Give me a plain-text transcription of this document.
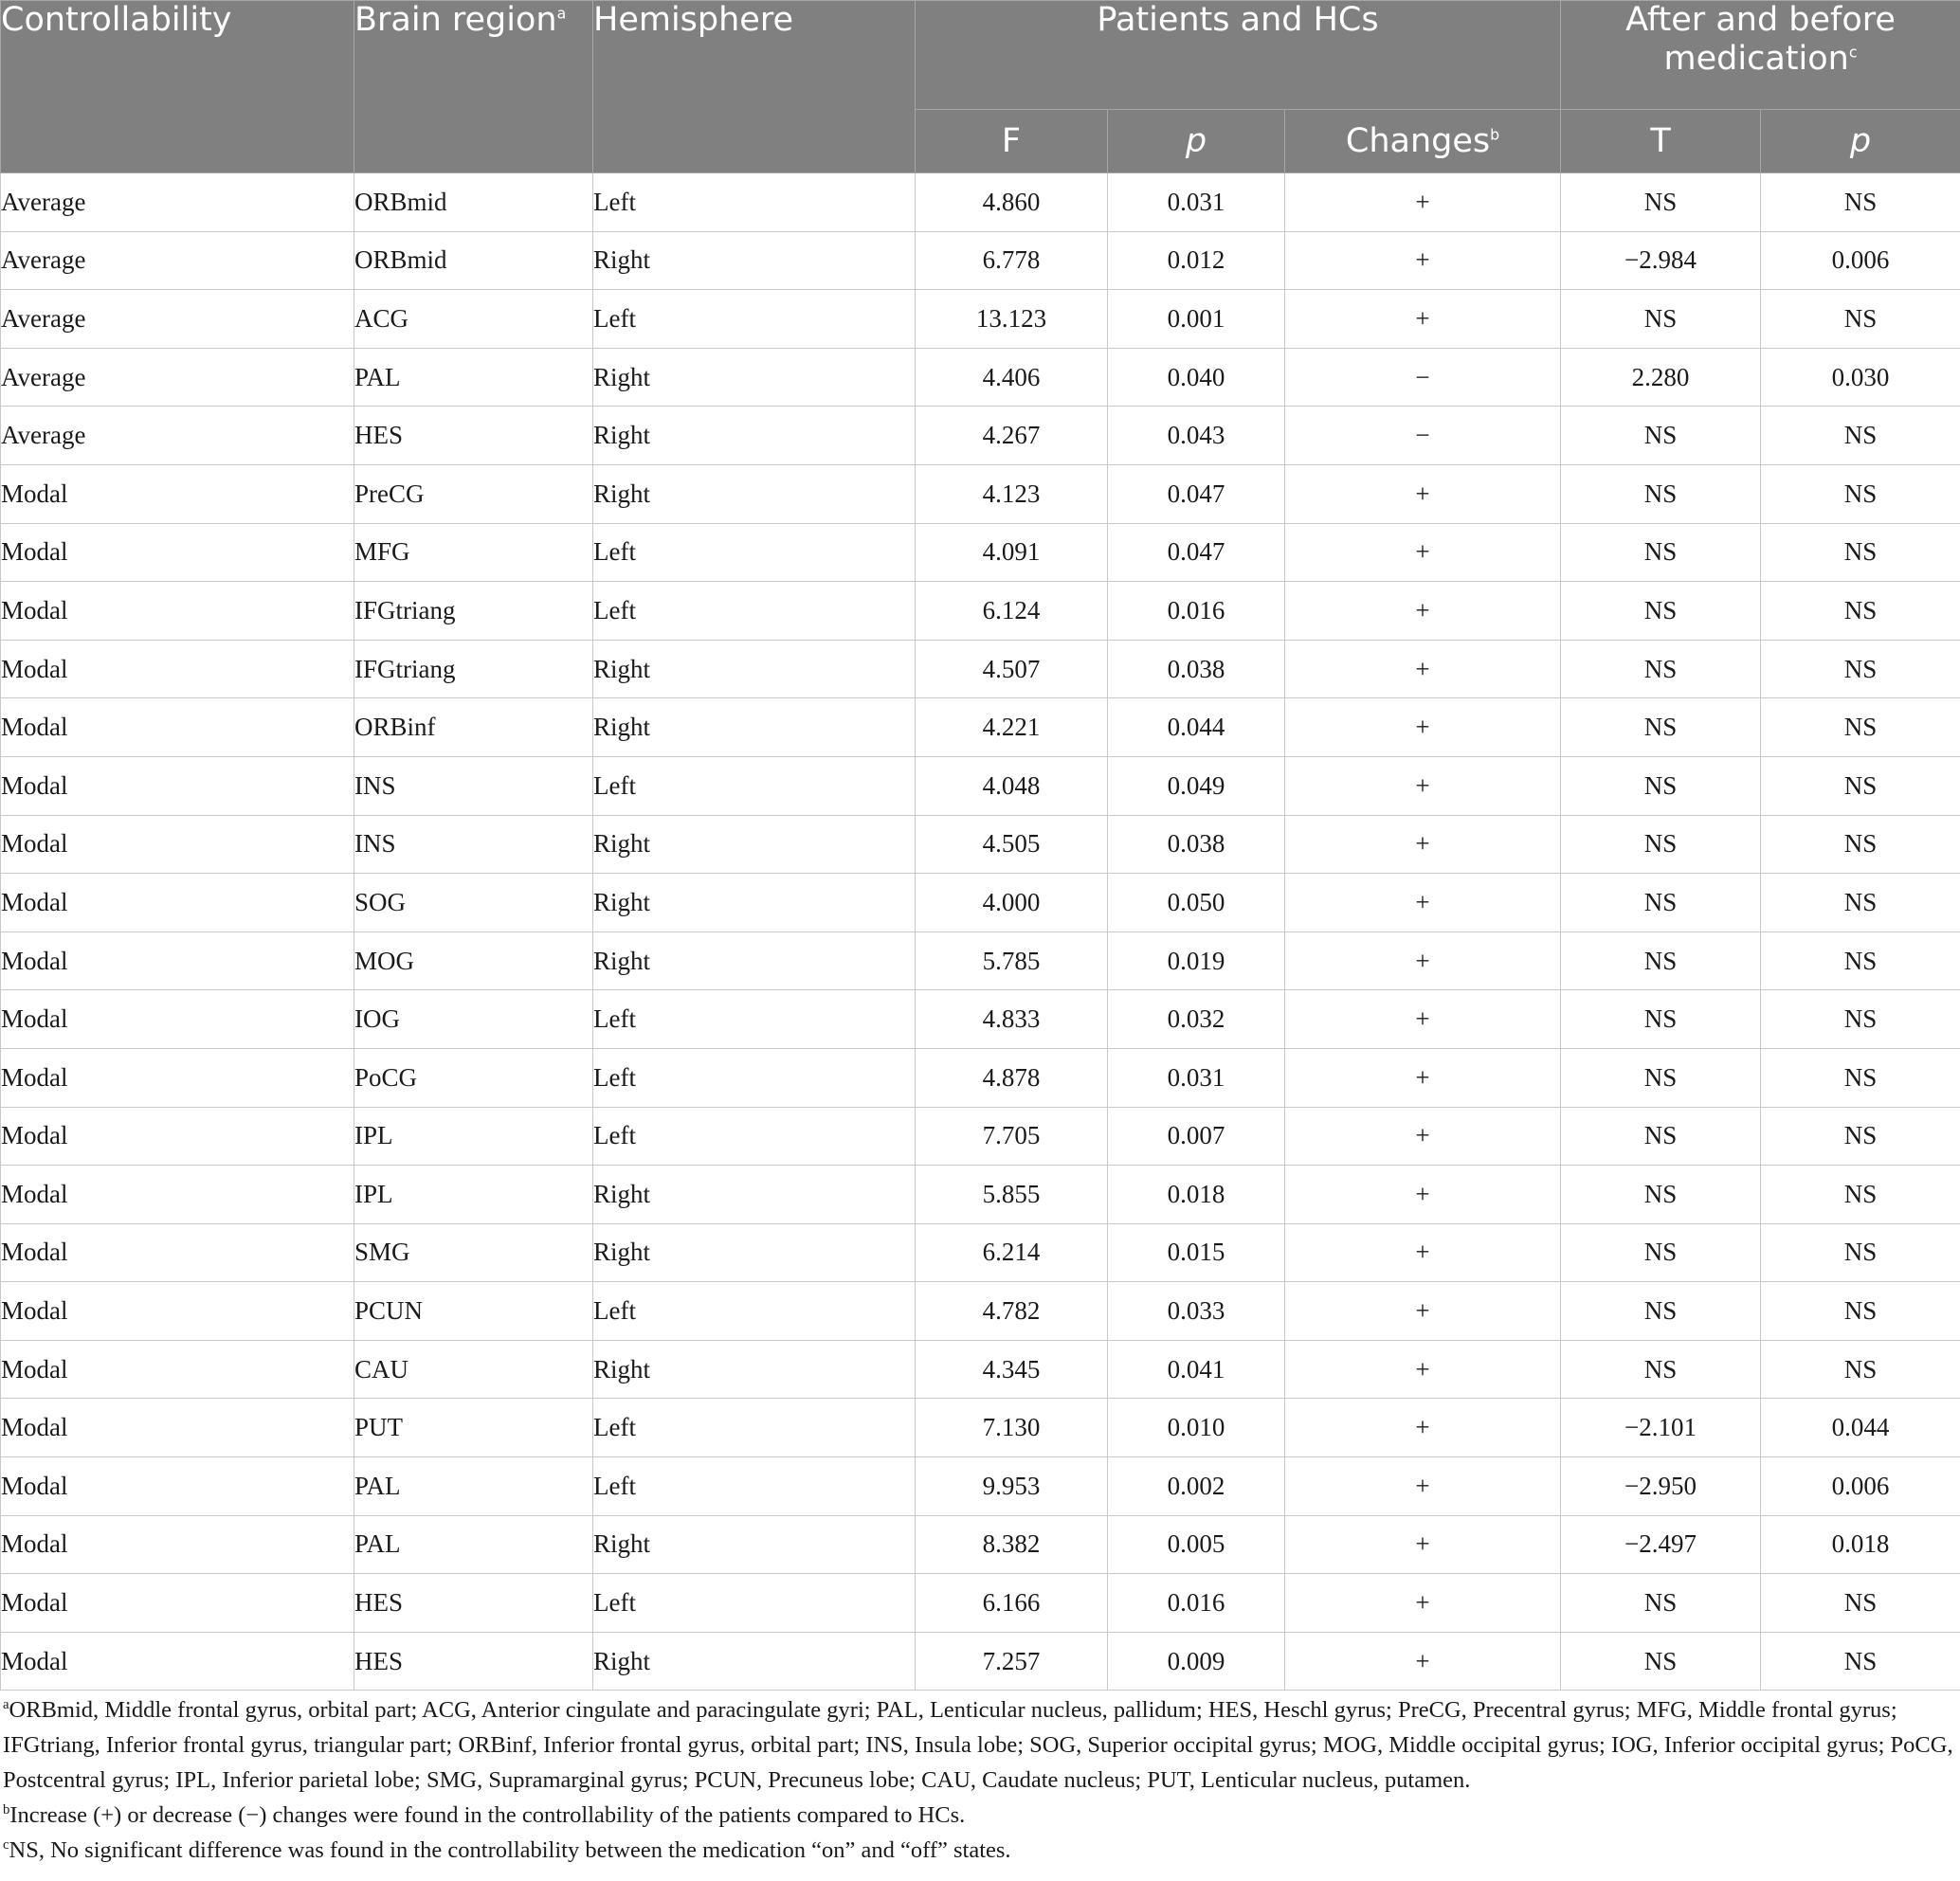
Controllability	Brain region$^a$	Hemisphere	Patients and HCs			After and before medication$^c$
			F	p	Changes$^b$	T	p
Average	ORBmid	Left	4.860	0.031	+	NS	NS
Average	ORBmid	Right	6.778	0.012	+	−2.984	0.006
Average	ACG	Left	13.123	0.001	+	NS	NS
Average	PAL	Right	4.406	0.040	−	2.280	0.030
Average	HES	Right	4.267	0.043	−	NS	NS
Modal	PreCG	Right	4.123	0.047	+	NS	NS
Modal	MFG	Left	4.091	0.047	+	NS	NS
Modal	IFGtriang	Left	6.124	0.016	+	NS	NS
Modal	IFGtriang	Right	4.507	0.038	+	NS	NS
Modal	ORBinf	Right	4.221	0.044	+	NS	NS
Modal	INS	Left	4.048	0.049	+	NS	NS
Modal	INS	Right	4.505	0.038	+	NS	NS
Modal	SOG	Right	4.000	0.050	+	NS	NS
Modal	MOG	Right	5.785	0.019	+	NS	NS
Modal	IOG	Left	4.833	0.032	+	NS	NS
Modal	PoCG	Left	4.878	0.031	+	NS	NS
Modal	IPL	Left	7.705	0.007	+	NS	NS
Modal	IPL	Right	5.855	0.018	+	NS	NS
Modal	SMG	Right	6.214	0.015	+	NS	NS
Modal	PCUN	Left	4.782	0.033	+	NS	NS
Modal	CAU	Right	4.345	0.041	+	NS	NS
Modal	PUT	Left	7.130	0.010	+	−2.101	0.044
Modal	PAL	Left	9.953	0.002	+	−2.950	0.006
Modal	PAL	Right	8.382	0.005	+	−2.497	0.018
Modal	HES	Left	6.166	0.016	+	NS	NS
Modal	HES	Right	7.257	0.009	+	NS	NS

$^a$ORBmid, Middle frontal gyrus, orbital part; ACG, Anterior cingulate and paracingulate gyri; PAL, Lenticular nucleus, pallidum; HES, Heschl gyrus; PreCG, Precentral gyrus; MFG, Middle frontal gyrus; IFGtriang, Inferior frontal gyrus, triangular part; ORBinf, Inferior frontal gyrus, orbital part; INS, Insula lobe; SOG, Superior occipital gyrus; MOG, Middle occipital gyrus; IOG, Inferior occipital gyrus; PoCG, Postcentral gyrus; IPL, Inferior parietal lobe; SMG, Supramarginal gyrus; PCUN, Precuneus lobe; CAU, Caudate nucleus; PUT, Lenticular nucleus, putamen.

$^b$Increase (+) or decrease (−) changes were found in the controllability of the patients compared to HCs.

$^c$NS, No significant difference was found in the controllability between the medication “on” and “off” states.
